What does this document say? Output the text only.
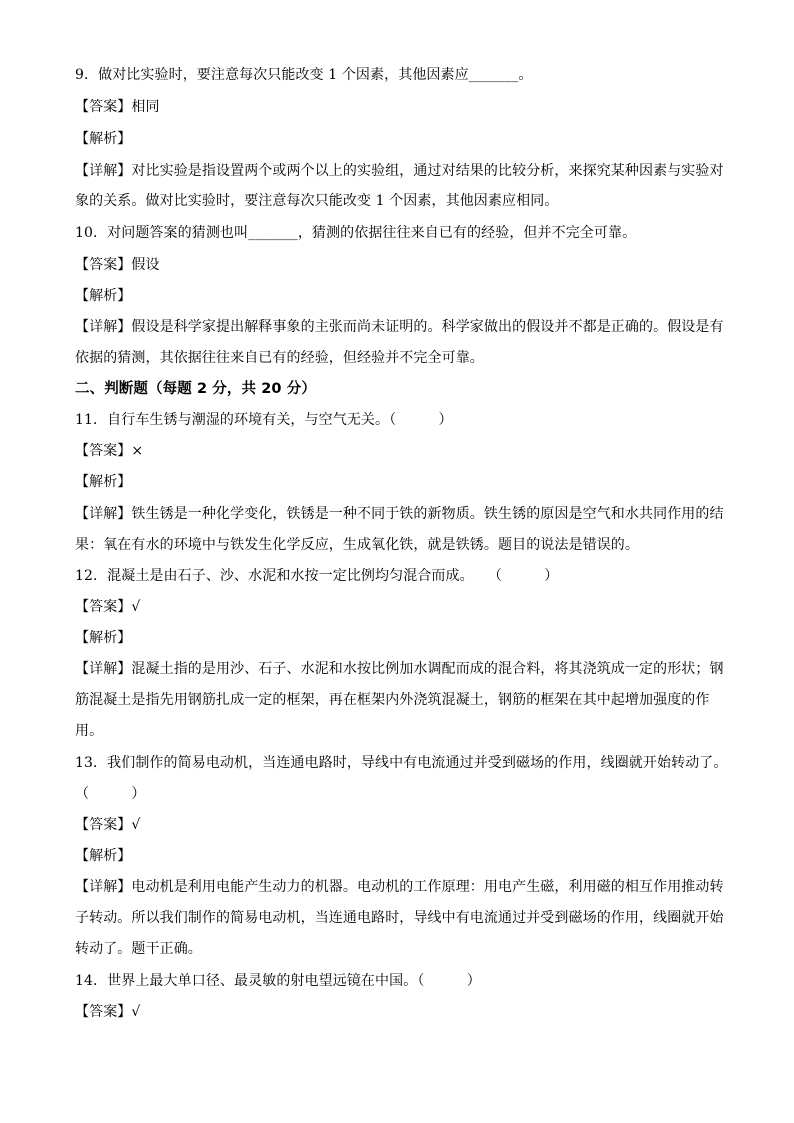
9．做对比实验时，要注意每次只能改变 1 个因素，其他因素应_______。
【答案】相同
【解析】
【详解】对比实验是指设置两个或两个以上的实验组，通过对结果的比较分析，来探究某种因素与实验对
象的关系。做对比实验时，要注意每次只能改变 1 个因素，其他因素应相同。
10．对问题答案的猜测也叫_______，猜测的依据往往来自已有的经验，但并不完全可靠。
【答案】假设
【解析】
【详解】假设是科学家提出解释事象的主张而尚未证明的。科学家做出的假设并不都是正确的。假设是有
依据的猜测，其依据往往来自已有的经验，但经验并不完全可靠。
二、判断题（每题 2 分，共 20 分）
11．自行车生锈与潮湿的环境有关，与空气无关。（　　　）
【答案】×
【解析】
【详解】铁生锈是一种化学变化，铁锈是一种不同于铁的新物质。铁生锈的原因是空气和水共同作用的结
果：氧在有水的环境中与铁发生化学反应，生成氧化铁，就是铁锈。题目的说法是错误的。
12．混凝土是由石子、沙、水泥和水按一定比例均匀混合而成。　　（　　　）
【答案】√
【解析】
【详解】混凝土指的是用沙、石子、水泥和水按比例加水调配而成的混合料，将其浇筑成一定的形状；钢
筋混凝土是指先用钢筋扎成一定的框架，再在框架内外浇筑混凝土，钢筋的框架在其中起增加强度的作
用。
13．我们制作的简易电动机，当连通电路时，导线中有电流通过并受到磁场的作用，线圈就开始转动了。
（　　　）
【答案】√
【解析】
【详解】电动机是利用电能产生动力的机器。电动机的工作原理：用电产生磁，利用磁的相互作用推动转
子转动。所以我们制作的简易电动机，当连通电路时，导线中有电流通过并受到磁场的作用，线圈就开始
转动了。题干正确。
14．世界上最大单口径、最灵敏的射电望远镜在中国。（　　　）
【答案】√
